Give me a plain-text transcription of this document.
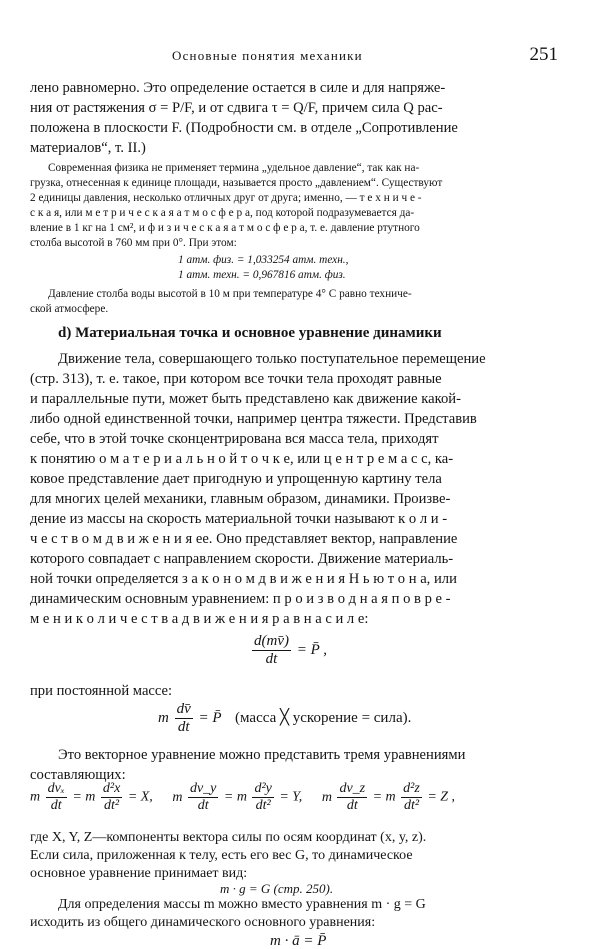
Основные понятия механики	251
лено равномерно. Это определение остается в силе и для напряже-
ния от растяжения σ = P/F, и от сдвига τ = Q/F, причем сила Q рас-
положена в плоскости F. (Подробности см. в отделе „Сопротивление
материалов“, т. II.)
Современная физика не применяет термина „удельное давление“, так как на-
грузка, отнесенная к единице площади, называется просто „давлением“. Существуют
2 единицы давления, несколько отличных друг от друга; именно, — т е х н и ч е -
с к а я, или м е т р и ч е с к а я а т м о с ф е р а, под которой подразумевается да-
вление в 1 кг на 1 см², и ф и з и ч е с к а я а т м о с ф е р а, т. е. давление ртутного
столба высотой в 760 мм при 0°. При этом:
1 атм. физ. = 1,033254 атм. техн.,
1 атм. техн. = 0,967816 атм. физ.
Давление столба воды высотой в 10 м при температуре 4° С равно техниче-
ской атмосфере.
d) Материальная точка и основное уравнение динамики
Движение тела, совершающего только поступательное перемещение
(стр. 313), т. е. такое, при котором все точки тела проходят равные
и параллельные пути, может быть представлено как движение какой-
либо одной единственной точки, например центра тяжести. Представив
себе, что в этой точке сконцентрирована вся масса тела, приходят
к понятию о м а т е р и а л ь н о й т о ч к е, или ц е н т р е м а с с, ка-
ковое представление дает пригодную и упрощенную картину тела
для многих целей механики, главным образом, динамики. Произве-
дение из массы на скорость материальной точки называют к о л и -
ч е с т в о м д в и ж е н и я ее. Оно представляет вектор, направление
которого совпадает с направлением скорости. Движение материаль-
ной точки определяется з а к о н о м д в и ж е н и я Н ь ю т о н а, или
динамическим основным уравнением: п р о и з в о д н а я п о в р е -
м е н и к о л и ч е с т в а д в и ж е н и я р а в н а с и л е:
$\frac{d(mv̄)}{dt}$ = P̄ ,
при постоянной массе:
m $\frac{dv̄}{dt}$ = P̄ (масса ╳ ускорение = сила).
Это векторное уравнение можно представить тремя уравнениями
составляющих:
m $\frac{\text{dvₓ}}{dt} = m \frac{\text{d²x}}{\text{dt²}} = X$, m $\frac{dv\_y}{dt} = m \frac{\text{d²y}}{\text{dt²}} = Y$, m $\frac{dv\_z}{dt} = m \frac{\text{d²z}}{\text{dt²}} = Z$ ,
где X, Y, Z—компоненты вектора силы по осям координат (x, y, z).
Если сила, приложенная к телу, есть его вес G, то динамическое
основное уравнение принимает вид:
m · g = G (стр. 250).
Для определения массы m можно вместо уравнения m · g = G
исходить из общего динамического основного уравнения:
m · ā = P̄
